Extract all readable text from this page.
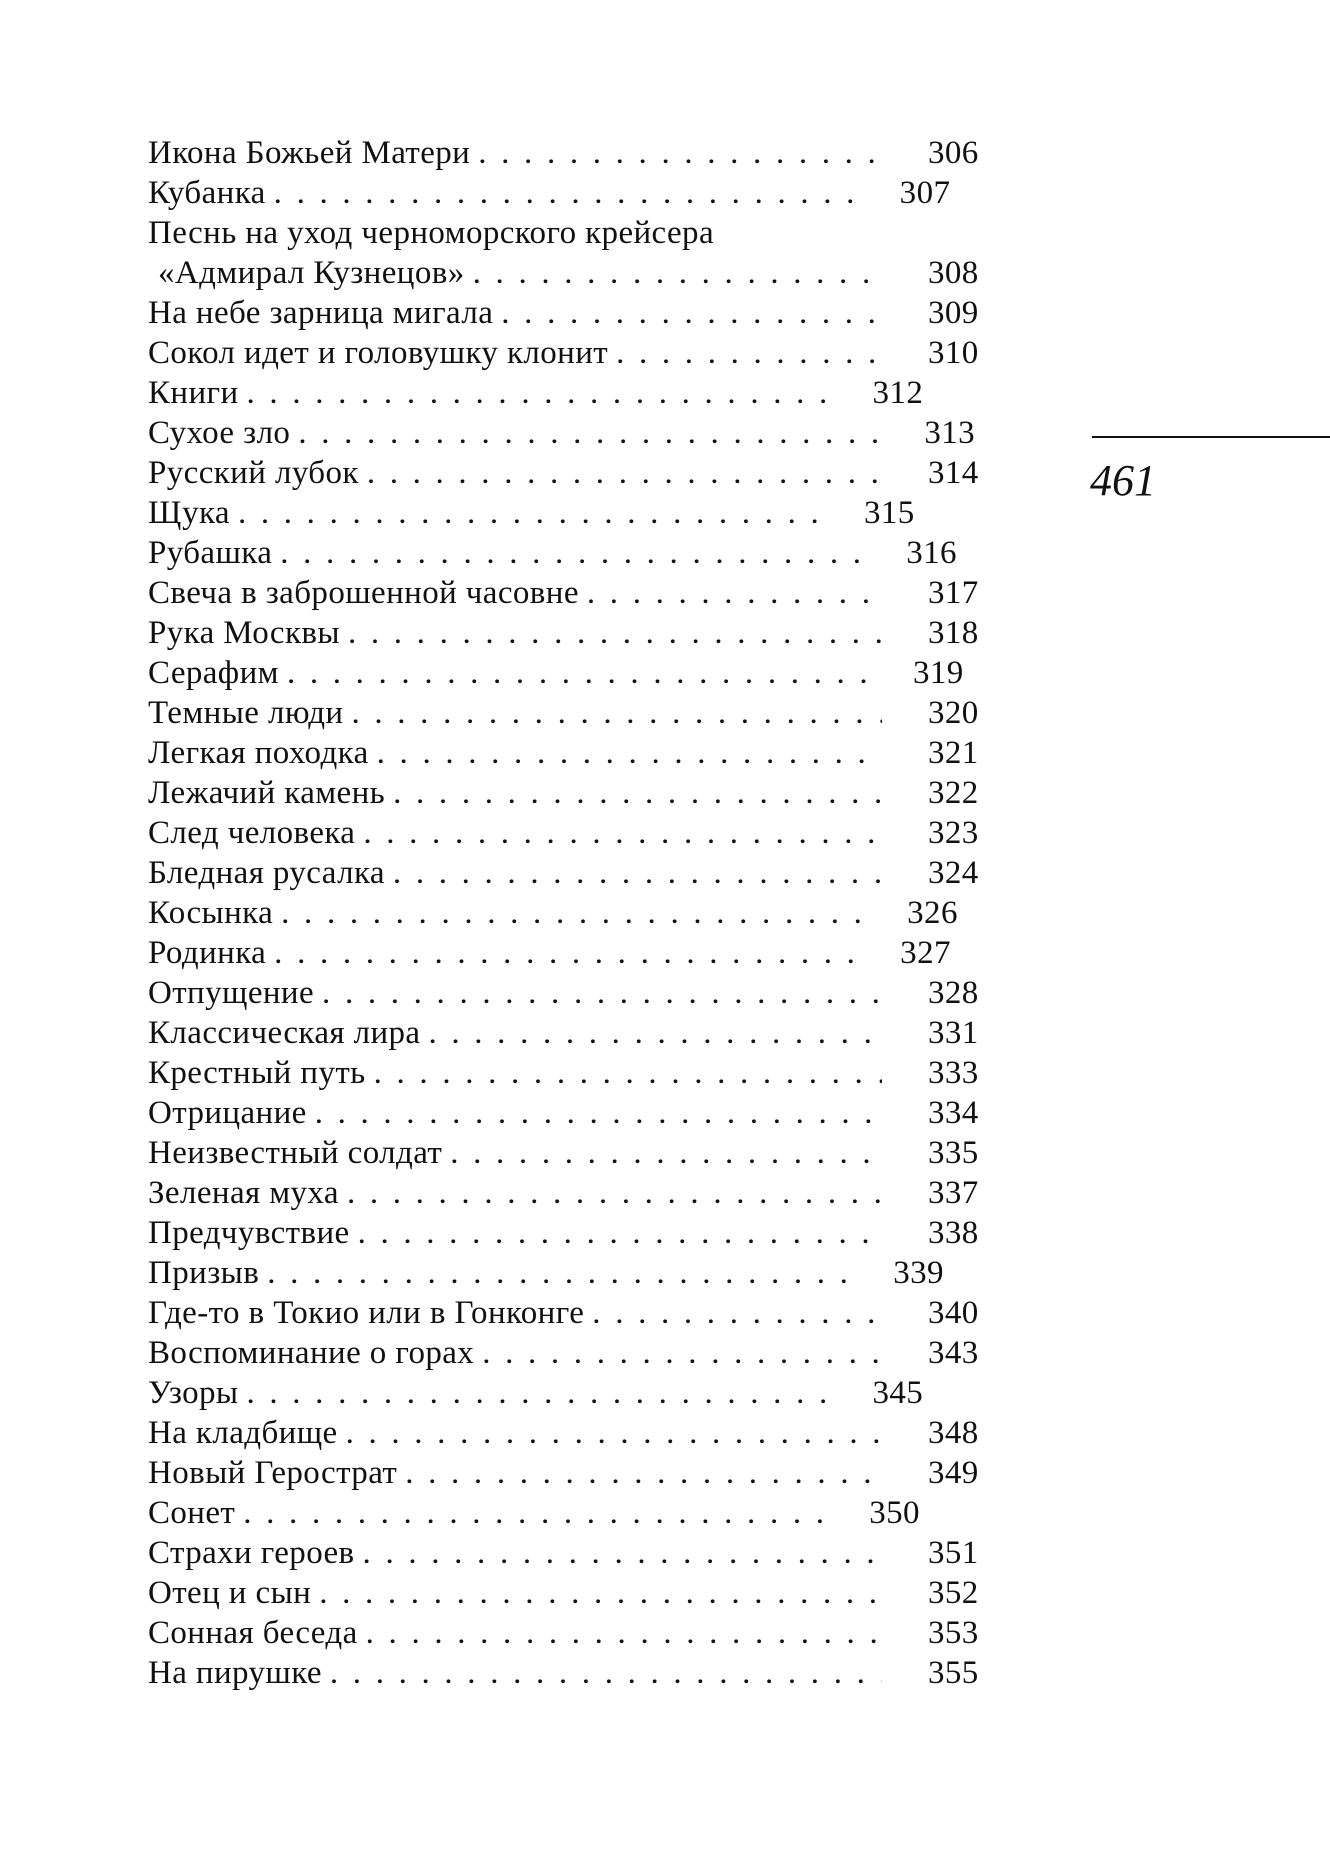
Икона Божьей Матери . . .	306
Кубанка . . .	307
Песнь на уход черноморского крейсера
«Адмирал Кузнецов» . . .	308
На небе зарница мигала . . .	309
Сокол идет и головушку клонит . . .	310
Книги . . .	312
Сухое зло . . .	313
Русский лубок . . .	314
Щука . . .	315
Рубашка . . .	316
Свеча в заброшенной часовне . . .	317
Рука Москвы . . .	318
Серафим . . .	319
Темные люди . . .	320
Легкая походка . . .	321
Лежачий камень . . .	322
След человека . . .	323
Бледная русалка . . .	324
Косынка . . .	326
Родинка . . .	327
Отпущение . . .	328
Классическая лира . . .	331
Крестный путь . . .	333
Отрицание . . .	334
Неизвестный солдат . . .	335
Зеленая муха . . .	337
Предчувствие . . .	338
Призыв . . .	339
Где-то в Токио или в Гонконге . . .	340
Воспоминание о горах . . .	343
Узоры . . .	345
На кладбище . . .	348
Новый Герострат . . .	349
Сонет . . .	350
Страхи героев . . .	351
Отец и сын . . .	352
Сонная беседа . . .	353
На пирушке . . .	355
461
